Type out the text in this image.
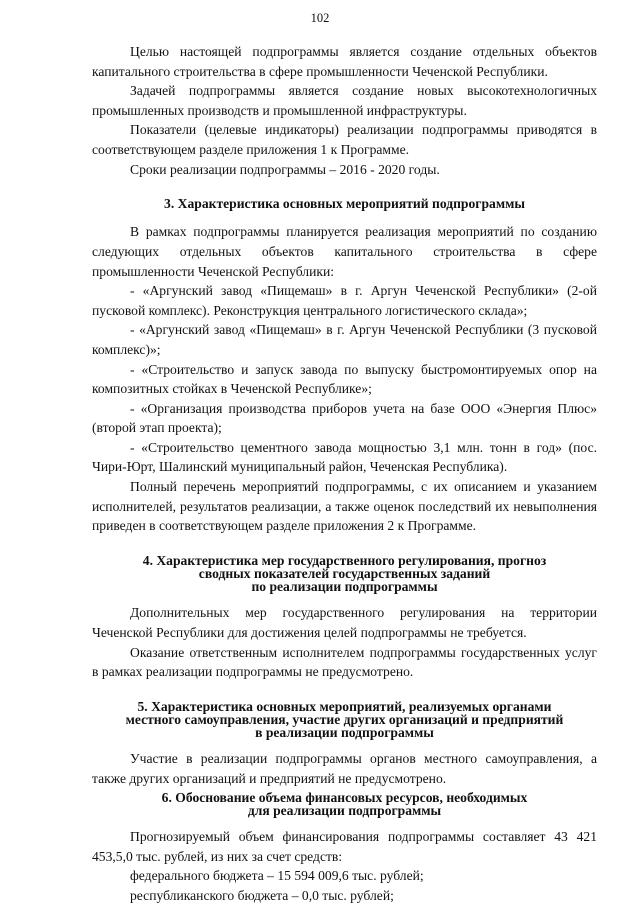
102

Целью настоящей подпрограммы является создание отдельных объектов капитального строительства в сфере промышленности Чеченской Республики.

Задачей подпрограммы является создание новых высокотехнологичных промышленных производств и промышленной инфраструктуры.

Показатели (целевые индикаторы) реализации подпрограммы приводятся в соответствующем разделе приложения 1 к Программе.

Сроки реализации подпрограммы – 2016 - 2020 годы.

3. Характеристика основных мероприятий подпрограммы

В рамках подпрограммы планируется реализация мероприятий по созданию следующих отдельных объектов капитального строительства в сфере промышленности Чеченской Республики:

- «Аргунский завод «Пищемаш» в г. Аргун Чеченской Республики» (2-ой пусковой комплекс). Реконструкция центрального логистического склада»;

- «Аргунский завод «Пищемаш» в г. Аргун Чеченской Республики (3 пусковой комплекс)»;

- «Строительство и запуск завода по выпуску быстромонтируемых опор на композитных стойках в Чеченской Республике»;

- «Организация производства приборов учета на базе ООО «Энергия Плюс» (второй этап проекта);

- «Строительство цементного завода мощностью 3,1 млн. тонн в год» (пос. Чири-Юрт, Шалинский муниципальный район, Чеченская Республика).

Полный перечень мероприятий подпрограммы, с их описанием и указанием исполнителей, результатов реализации, а также оценок последствий их невыполнения приведен в соответствующем разделе приложения 2 к Программе.

4. Характеристика мер государственного регулирования, прогноз
сводных показателей государственных заданий
по реализации подпрограммы

Дополнительных мер государственного регулирования на территории Чеченской Республики для достижения целей подпрограммы не требуется.

Оказание ответственным исполнителем подпрограммы государственных услуг в рамках реализации подпрограммы не предусмотрено.

5. Характеристика основных мероприятий, реализуемых органами
местного самоуправления, участие других организаций и предприятий
в реализации подпрограммы

Участие в реализации подпрограммы органов местного самоуправления, а также других организаций и предприятий не предусмотрено.

6. Обоснование объема финансовых ресурсов, необходимых
для реализации подпрограммы

Прогнозируемый объем финансирования подпрограммы составляет 43 421 453,5,0 тыс. рублей, из них за счет средств:

федерального бюджета – 15 594 009,6 тыс. рублей;

республиканского бюджета – 0,0 тыс. рублей;
